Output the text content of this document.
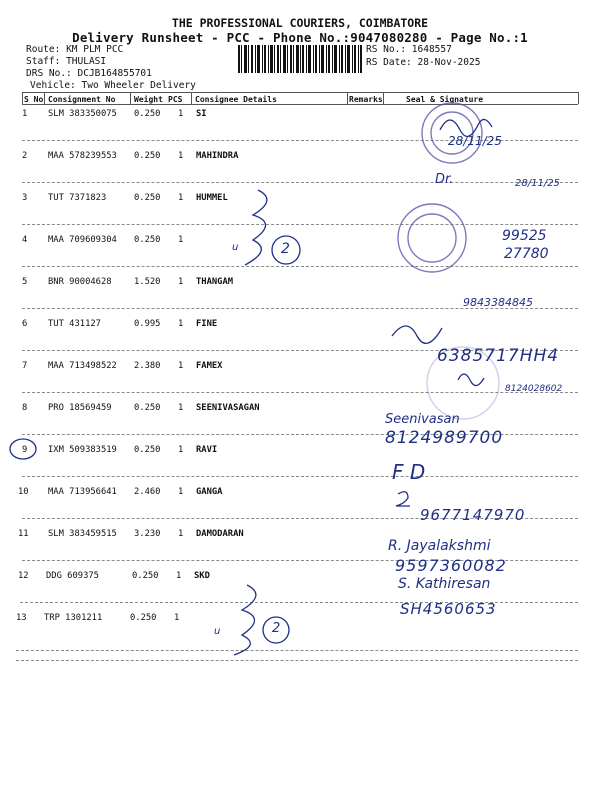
THE PROFESSIONAL COURIERS, COIMBATORE
Delivery Runsheet - PCC - Phone No.:9047080280 - Page No.:1
Route: KM PLM PCC
Staff: THULASI
DRS No.: DCJB164855701
Vehicle: Two Wheeler Delivery
RS No.: 1648557
RS Date: 28-Nov-2025
S No Consignment No Weight PCS Consignee Details	Remarks	Seal & Signature
1 SLM 383350075 0.250 1 SI
2 MAA 578239553 0.250 1 MAHINDRA
3 TUT 7371823	0.250 1 HUMMEL
4 MAA 709609304 0.250 1
5 BNR 90004628	1.520 1 THANGAM
6 TUT 431127	0.995 1 FINE
7 MAA 713498522 2.380 1 FAMEX
8 PRO 18569459	0.250 1 SEENIVASAGAN
9 IXM 509383519 0.250 1 RAVI
10 MAA 713956641 2.460 1 GANGA
11 SLM 383459515 3.230 1 DAMODARAN
12 DDG 609375	0.250 1 SKD
13 TRP 1301211	0.250 1
28/11/25
Dr.	28/11/25
99525
27780
u	2
9843384845
6385717HH4
8124028602
Seenivasan
8124989700
F D
9677147970
R. Jayalakshmi
9597360082
S. Kathiresan
SH4560653
u	2
